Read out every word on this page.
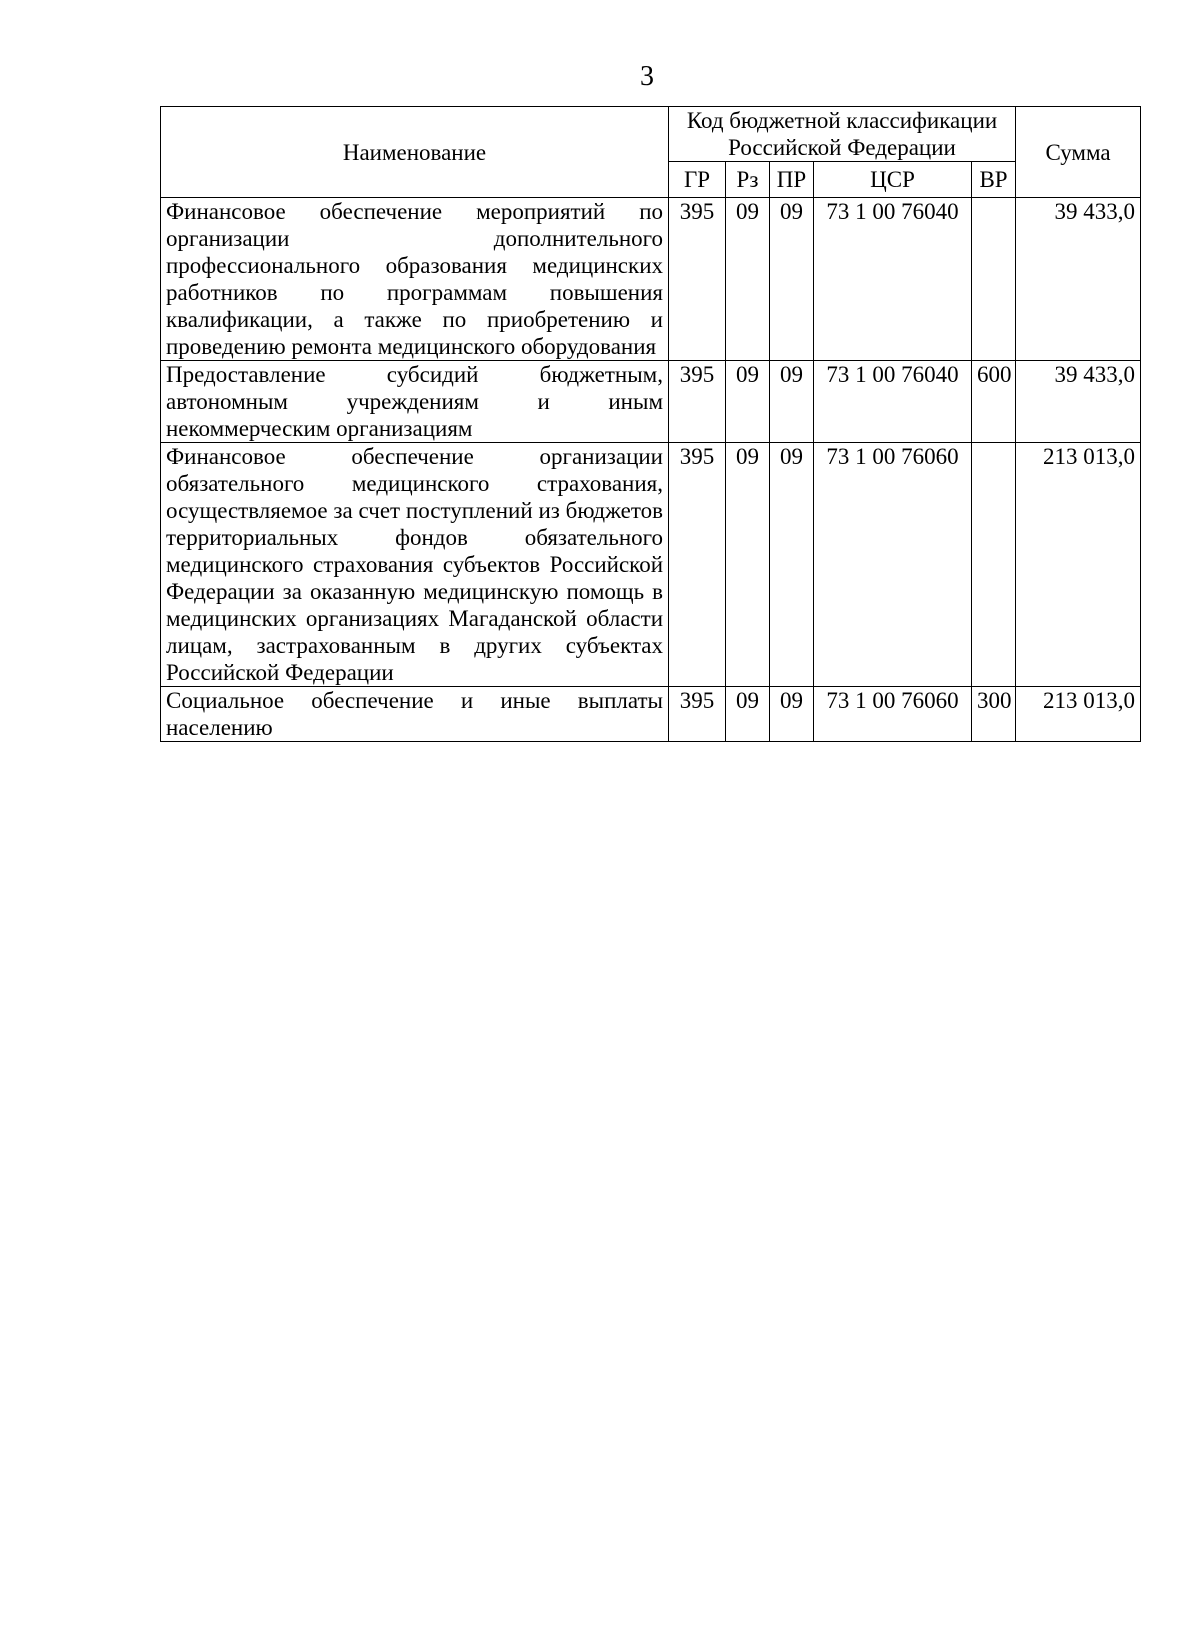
3
Наименование	Код бюджетной классификации Российской Федерации					Сумма
	ГР	Рз	ПР	ЦСР	ВР	
Финансовое обеспечение мероприятий по организации дополнительного профессионального образования медицинских работников по программам повышения квалификации, а также по приобретению и проведению ремонта медицинского оборудования	395	09	09	73 1 00 76040		39 433,0
Предоставление субсидий бюджетным, автономным учреждениям и иным некоммерческим организациям	395	09	09	73 1 00 76040	600	39 433,0
Финансовое обеспечение организации обязательного медицинского страхования, осуществляемое за счет поступлений из бюджетов территориальных фондов обязательного медицинского страхования субъектов Российской Федерации за оказанную медицинскую помощь в медицинских организациях Магаданской области лицам, застрахованным в других субъектах Российской Федерации	395	09	09	73 1 00 76060		213 013,0
Социальное обеспечение и иные выплаты населению	395	09	09	73 1 00 76060	300	213 013,0
